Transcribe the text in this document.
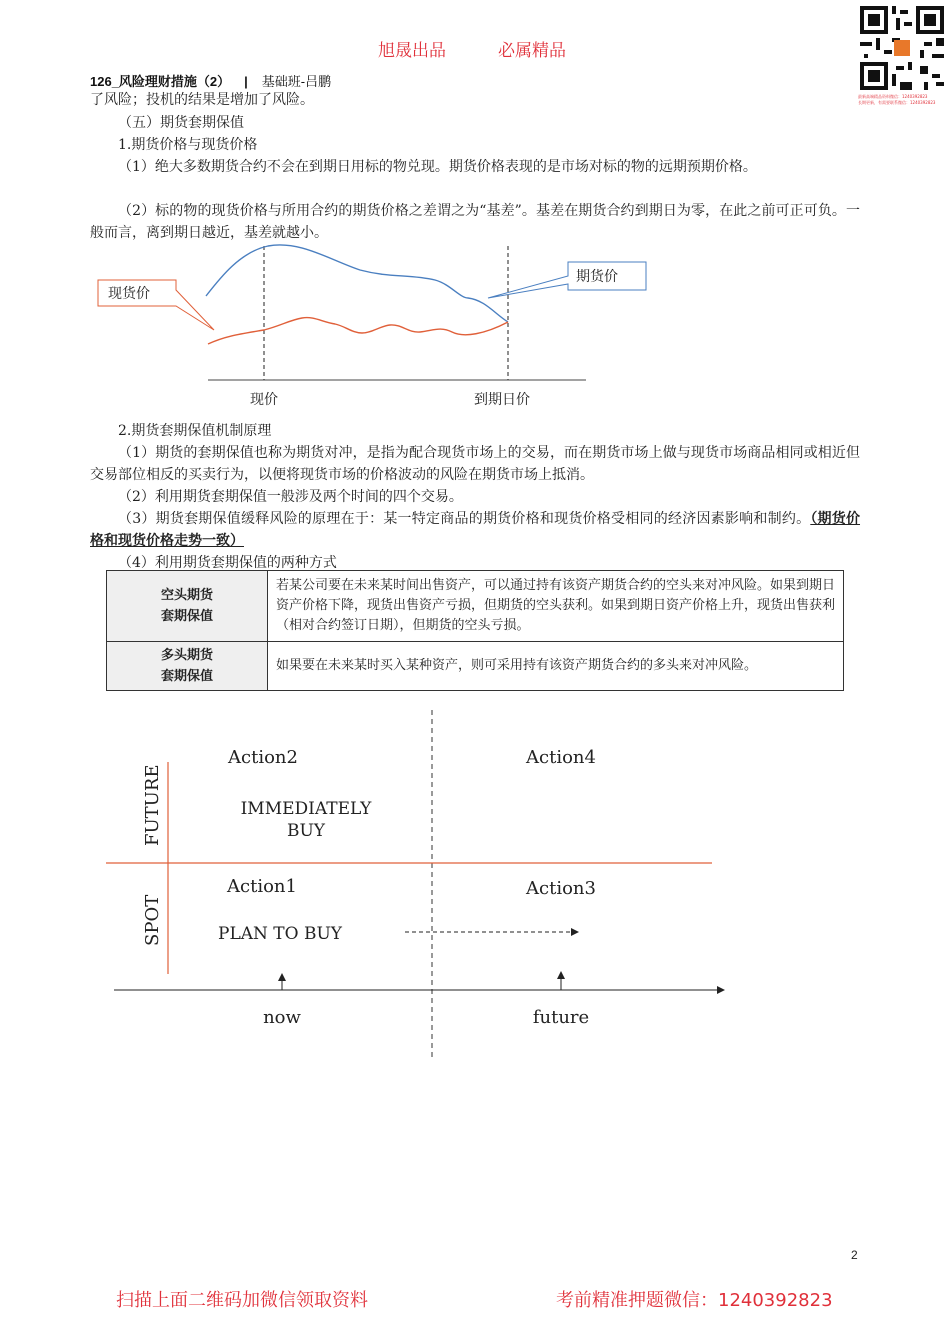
旭晟出品	必属精品
最新高端精品资料微信：1240392823
长期更新，有需要联系微信：1240392823
126_风险理财措施（2） | 基础班-吕鹏
了风险；投机的结果是增加了风险。
（五）期货套期保值
1.期货价格与现货价格
（1）绝大多数期货合约不会在到期日用标的物兑现。期货价格表现的是市场对标的物的远期预期价格。
（2）标的物的现货价格与所用合约的期货价格之差谓之为“基差”。基差在期货合约到期日为零，在此之前可正可负。一般而言，离到期日越近，基差就越小。
现货价
期货价
现价	到期日价
2.期货套期保值机制原理
（1）期货的套期保值也称为期货对冲，是指为配合现货市场上的交易，而在期货市场上做与现货市场商品相同或相近但交易部位相反的买卖行为，以便将现货市场的价格波动的风险在期货市场上抵消。
（2）利用期货套期保值一般涉及两个时间的四个交易。
（3）期货套期保值缓释风险的原理在于：某一特定商品的期货价格和现货价格受相同的经济因素影响和制约。（期货价格和现货价格走势一致）
（4）利用期货套期保值的两种方式
空头期货
套期保值	若某公司要在未来某时间出售资产，可以通过持有该资产期货合约的空头来对冲风险。如果到期日资产价格下降，现货出售资产亏损，但期货的空头获利。如果到期日资产价格上升，现货出售获利（相对合约签订日期），但期货的空头亏损。

多头期货
套期保值	如果要在未来某时买入某种资产，则可采用持有该资产期货合约的多头来对冲风险。
FUTURE
SPOT
Action2	Action4
IMMEDIATELY
BUY
Action1	Action3
PLAN TO BUY
now	future
2
扫描上面二维码加微信领取资料	考前精准押题微信：1240392823
